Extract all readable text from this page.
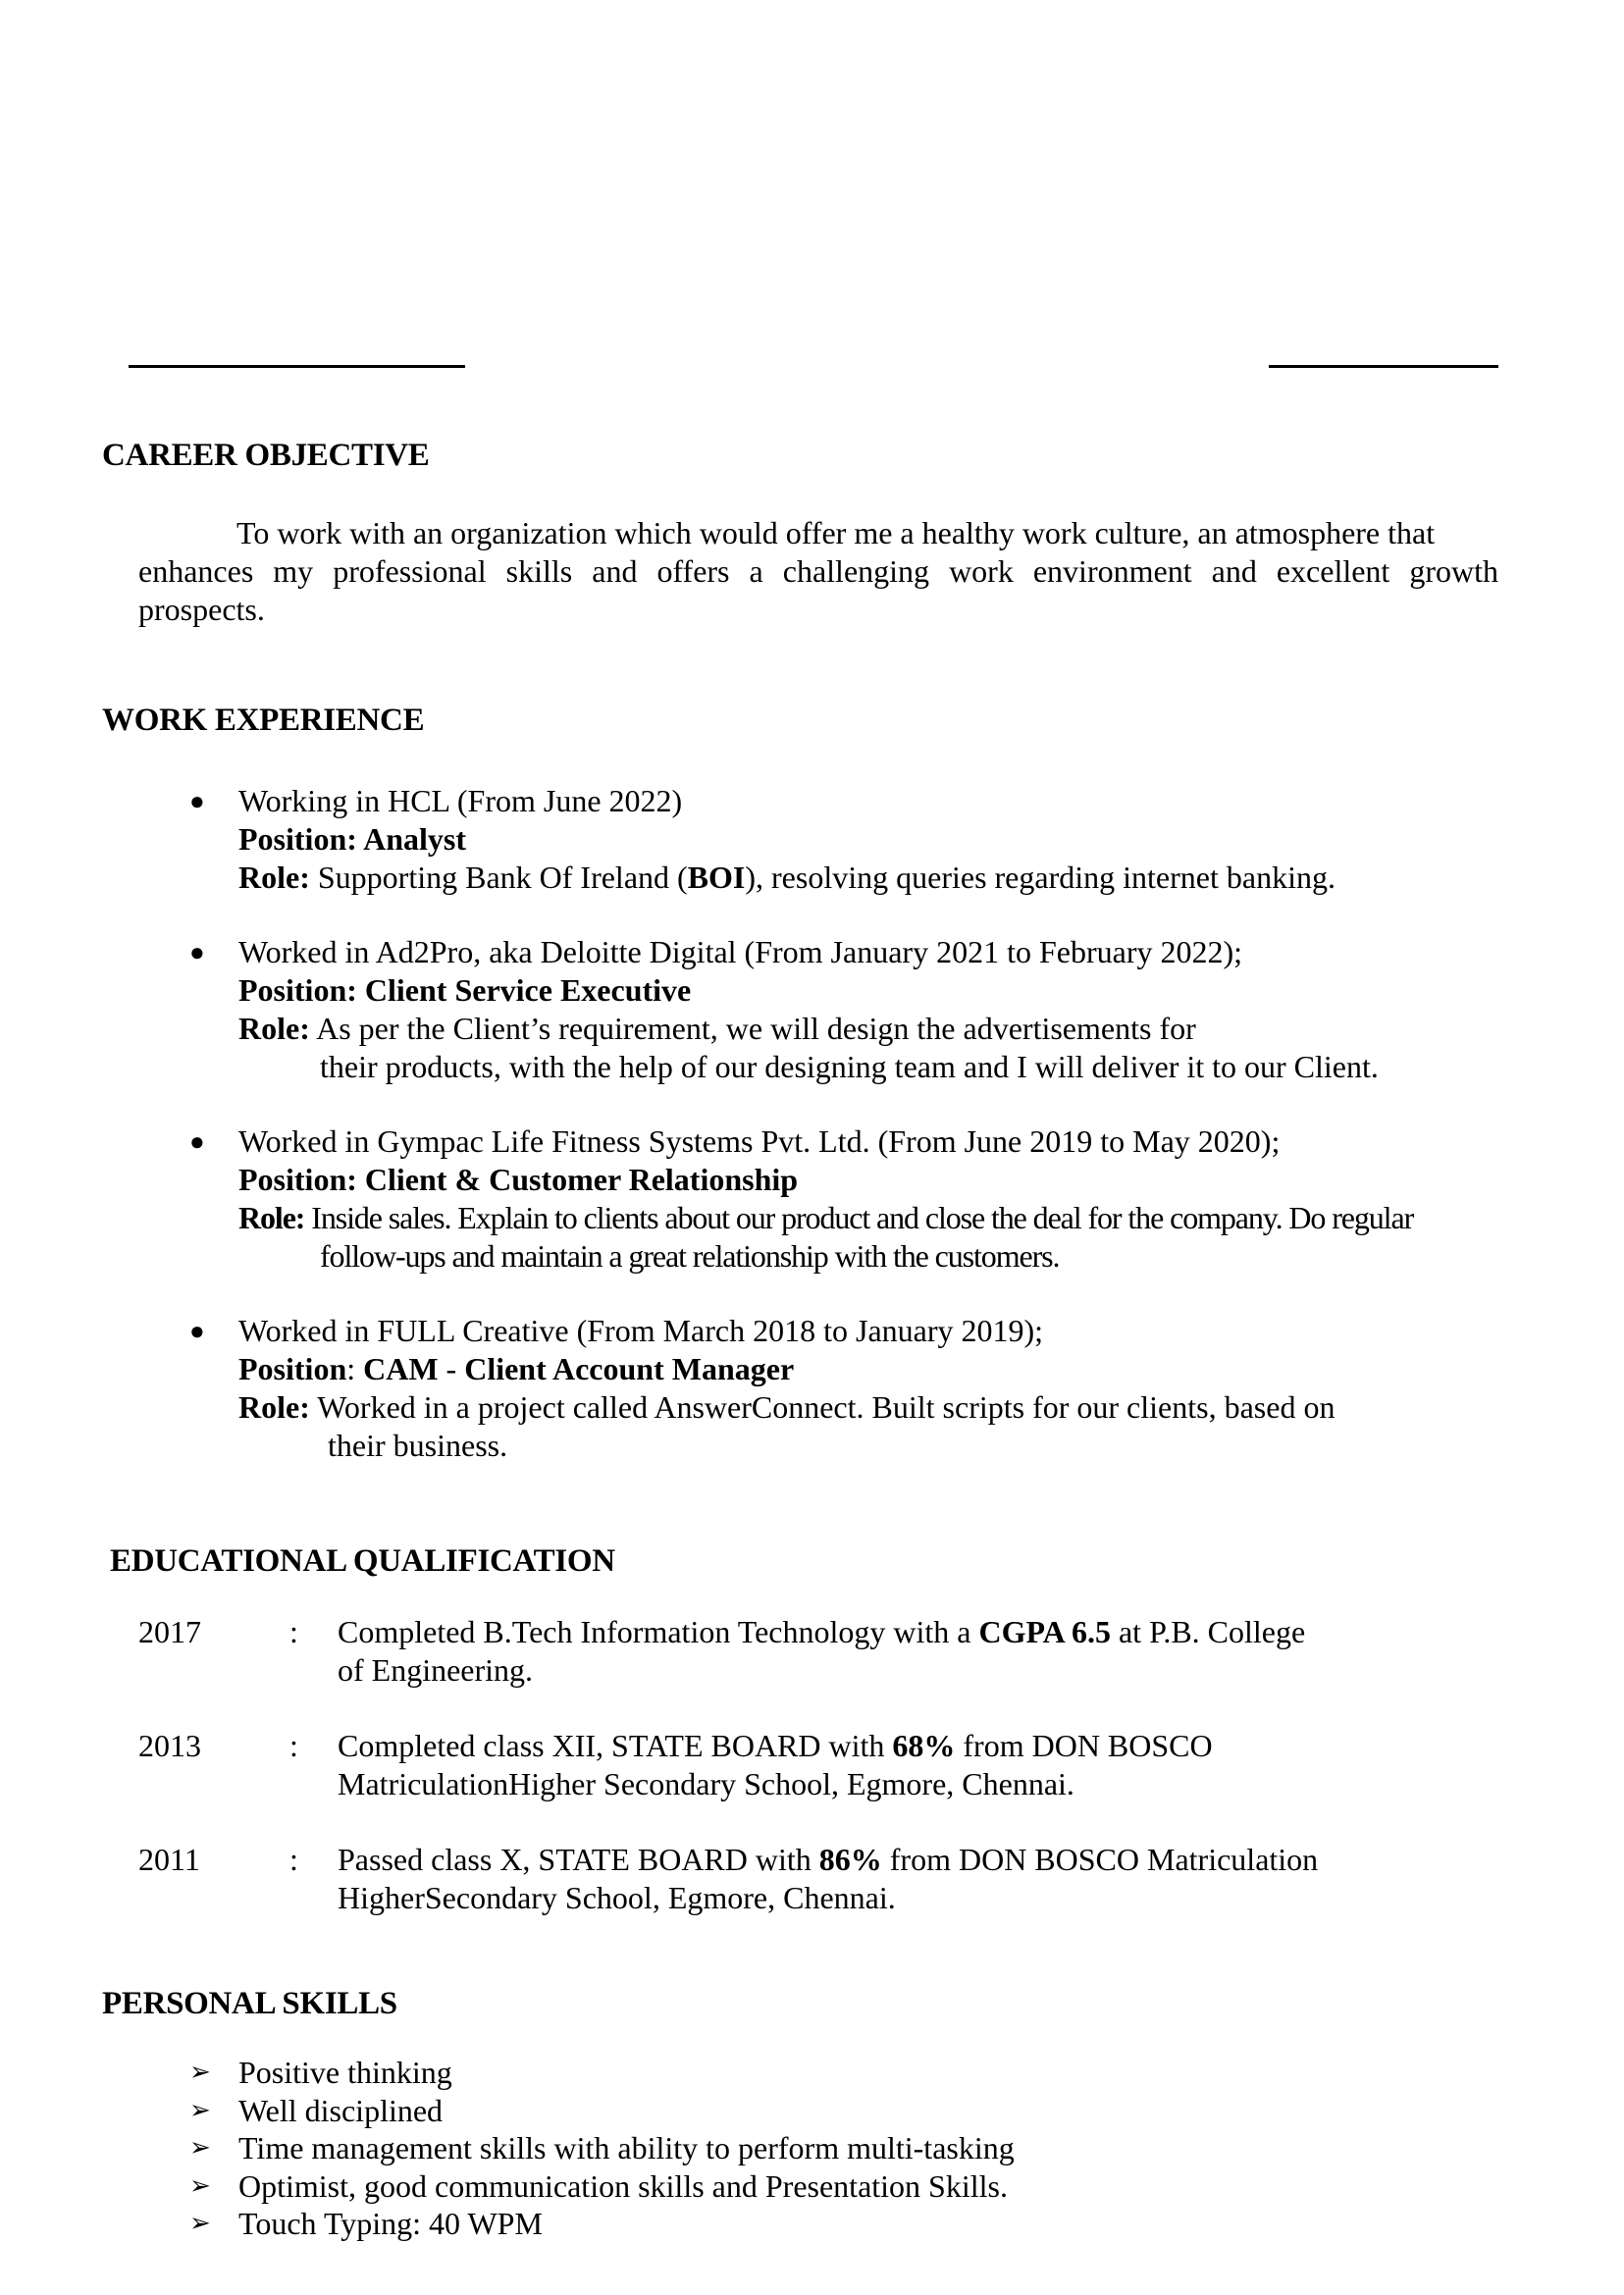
CAREER OBJECTIVE
To work with an organization which would offer me a healthy work culture, an atmosphere that
enhances my professional skills and offers a challenging work environment and excellent growth
prospects.
WORK EXPERIENCE
● Working in HCL (From June 2022)
Position: Analyst
Role: Supporting Bank Of Ireland (BOI), resolving queries regarding internet banking.
● Worked in Ad2Pro, aka Deloitte Digital (From January 2021 to February 2022);
Position: Client Service Executive
Role: As per the Client’s requirement, we will design the advertisements for
their products, with the help of our designing team and I will deliver it to our Client.
● Worked in Gympac Life Fitness Systems Pvt. Ltd. (From June 2019 to May 2020);
Position: Client & Customer Relationship
Role: Inside sales. Explain to clients about our product and close the deal for the company. Do regular
follow-ups and maintain a great relationship with the customers.
● Worked in FULL Creative (From March 2018 to January 2019);
Position: CAM - Client Account Manager
Role: Worked in a project called AnswerConnect. Built scripts for our clients, based on
their business.
EDUCATIONAL QUALIFICATION
2017	: Completed B.Tech Information Technology with a CGPA 6.5 at P.B. College
of Engineering.
2013	: Completed class XII, STATE BOARD with 68% from DON BOSCO
MatriculationHigher Secondary School, Egmore, Chennai.
2011	: Passed class X, STATE BOARD with 86% from DON BOSCO Matriculation
HigherSecondary School, Egmore, Chennai.
PERSONAL SKILLS
➢ Positive thinking
➢ Well disciplined
➢ Time management skills with ability to perform multi-tasking
➢ Optimist, good communication skills and Presentation Skills.
➢ Touch Typing: 40 WPM
